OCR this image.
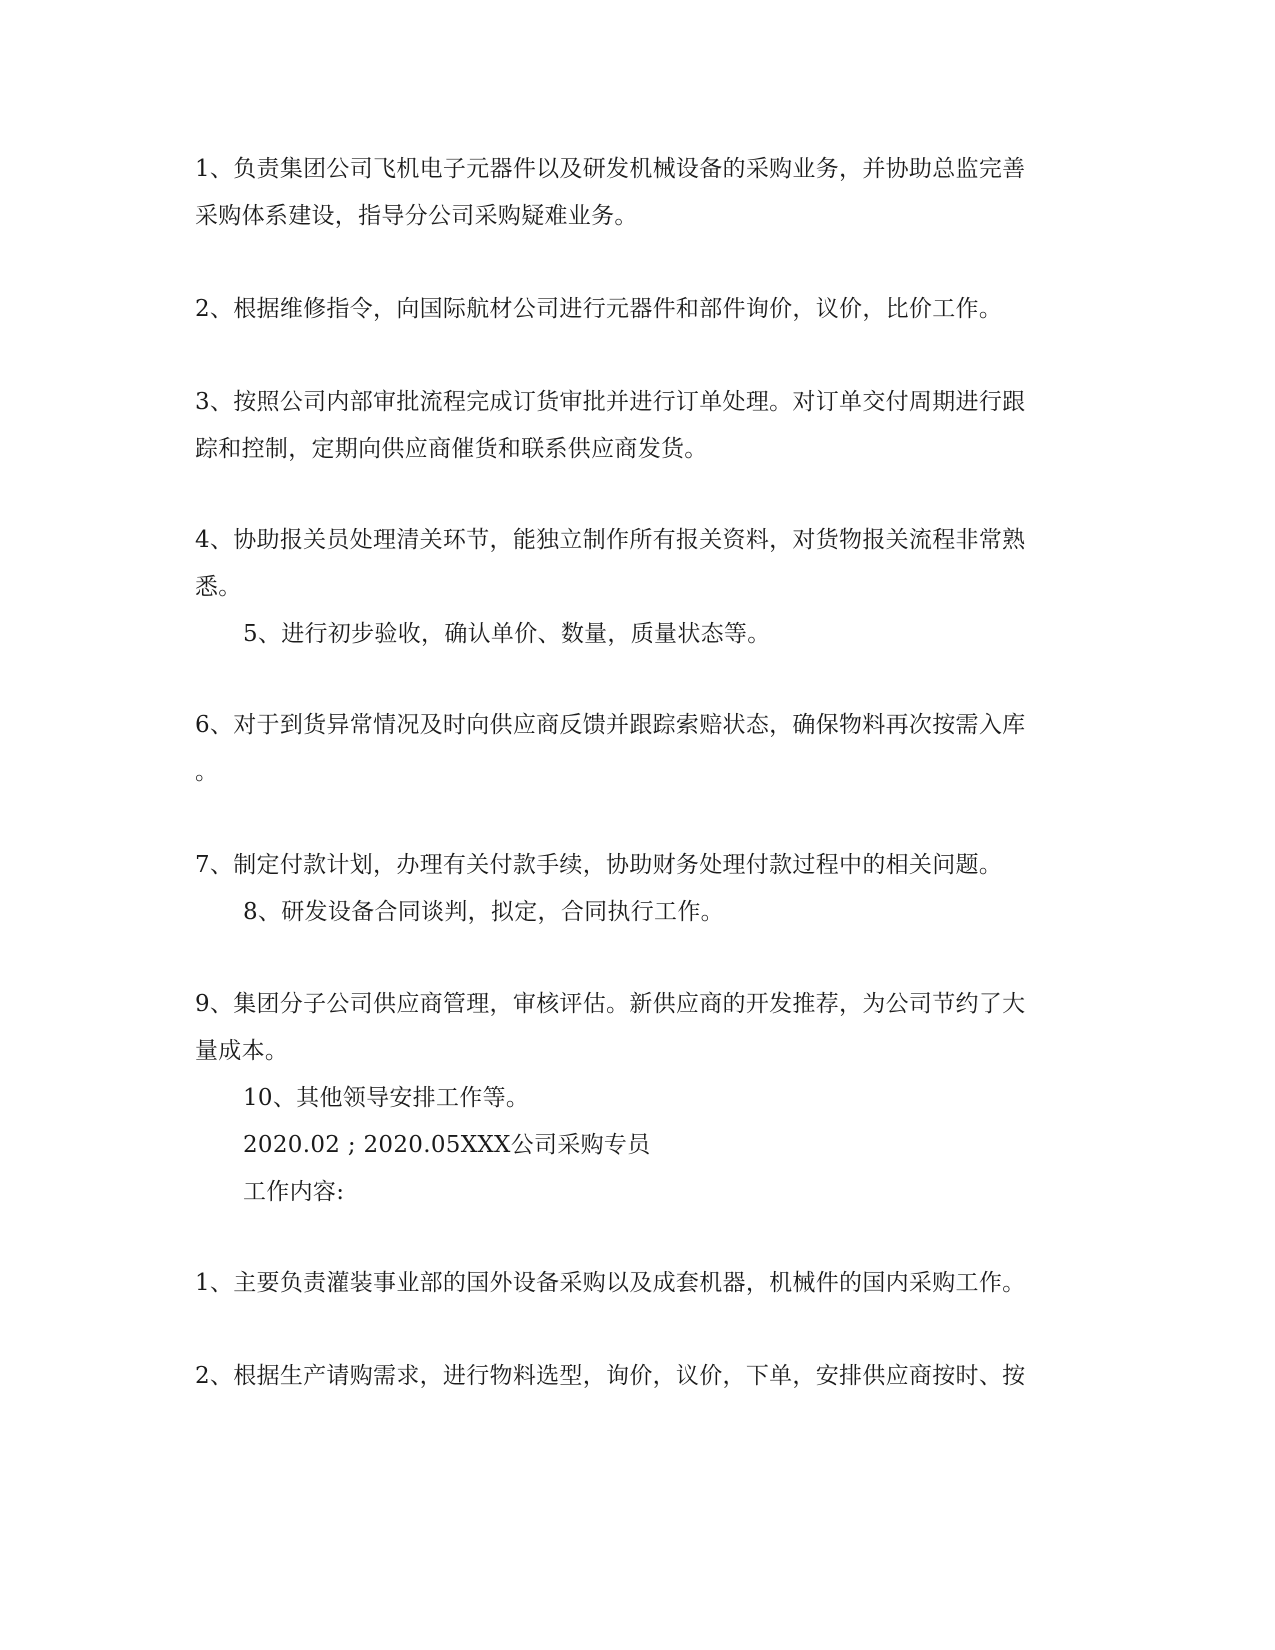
1、负责集团公司飞机电子元器件以及研发机械设备的采购业务，并协助总监完善
采购体系建设，指导分公司采购疑难业务。
2、根据维修指令，向国际航材公司进行元器件和部件询价，议价，比价工作。
3、按照公司内部审批流程完成订货审批并进行订单处理。对订单交付周期进行跟
踪和控制，定期向供应商催货和联系供应商发货。
4、协助报关员处理清关环节，能独立制作所有报关资料，对货物报关流程非常熟
悉。
5、进行初步验收，确认单价、数量，质量状态等。
6、对于到货异常情况及时向供应商反馈并跟踪索赔状态，确保物料再次按需入库
。
7、制定付款计划，办理有关付款手续，协助财务处理付款过程中的相关问题。
8、研发设备合同谈判，拟定，合同执行工作。
9、集团分子公司供应商管理，审核评估。新供应商的开发推荐，为公司节约了大
量成本。
10、其他领导安排工作等。
2020.02 ; 2020.05XXX公司采购专员
工作内容:
1、主要负责灌装事业部的国外设备采购以及成套机器，机械件的国内采购工作。
2、根据生产请购需求，进行物料选型，询价，议价，下单，安排供应商按时、按
